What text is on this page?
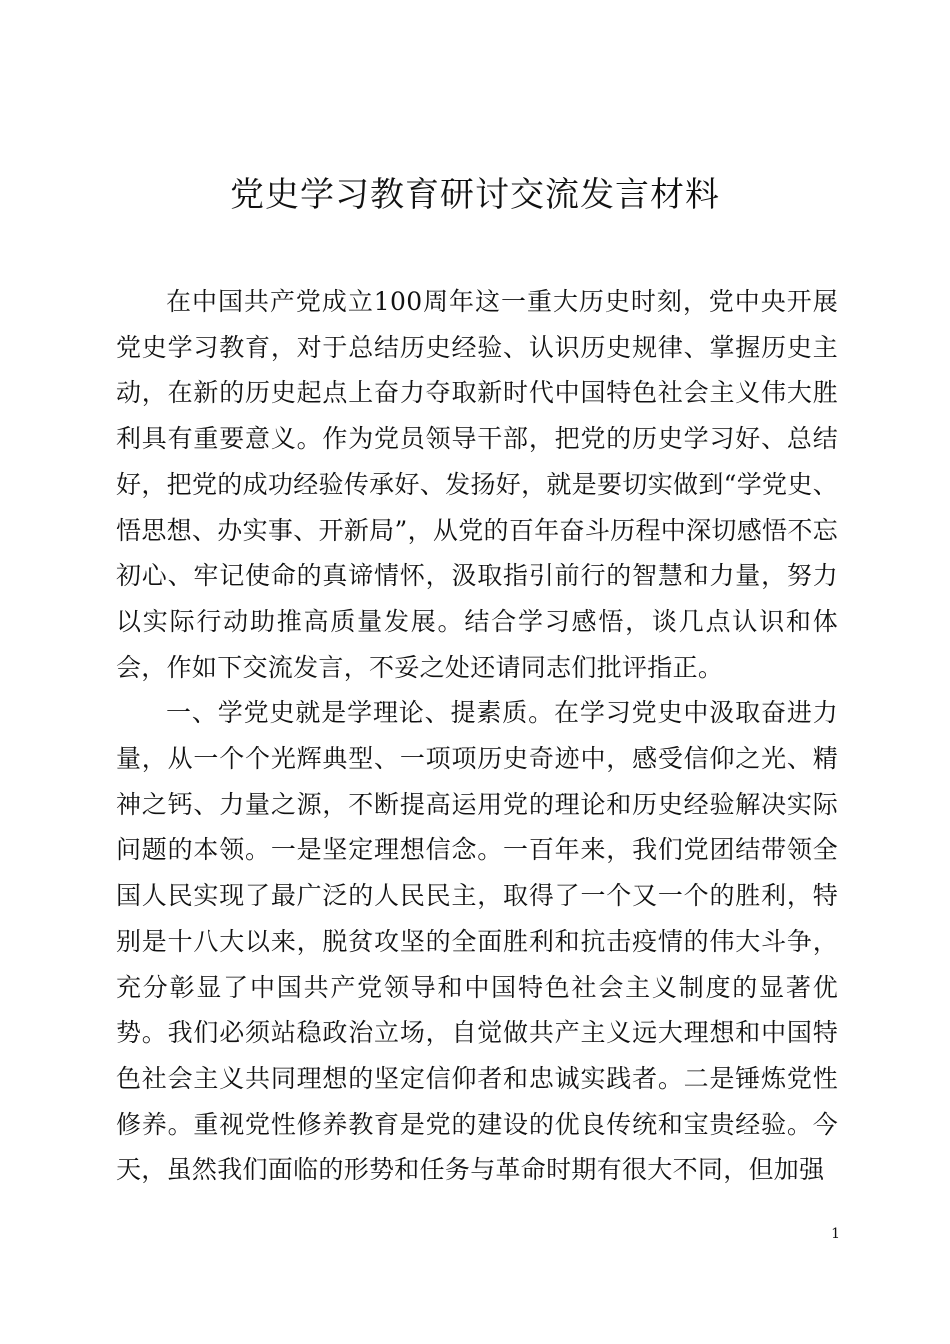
党史学习教育研讨交流发言材料

在中国共产党成立100周年这一重大历史时刻，党中央开展党史学习教育，对于总结历史经验、认识历史规律、掌握历史主动，在新的历史起点上奋力夺取新时代中国特色社会主义伟大胜利具有重要意义。作为党员领导干部，把党的历史学习好、总结好，把党的成功经验传承好、发扬好，就是要切实做到“学党史、悟思想、办实事、开新局”，从党的百年奋斗历程中深切感悟不忘初心、牢记使命的真谛情怀，汲取指引前行的智慧和力量，努力以实际行动助推高质量发展。结合学习感悟，谈几点认识和体会，作如下交流发言，不妥之处还请同志们批评指正。

一、学党史就是学理论、提素质。在学习党史中汲取奋进力量，从一个个光辉典型、一项项历史奇迹中，感受信仰之光、精神之钙、力量之源，不断提高运用党的理论和历史经验解决实际问题的本领。一是坚定理想信念。一百年来，我们党团结带领全国人民实现了最广泛的人民民主，取得了一个又一个的胜利，特别是十八大以来，脱贫攻坚的全面胜利和抗击疫情的伟大斗争，充分彰显了中国共产党领导和中国特色社会主义制度的显著优势。我们必须站稳政治立场，自觉做共产主义远大理想和中国特色社会主义共同理想的坚定信仰者和忠诚实践者。二是锤炼党性修养。重视党性修养教育是党的建设的优良传统和宝贵经验。今天，虽然我们面临的形势和任务与革命时期有很大不同，但加强

1
